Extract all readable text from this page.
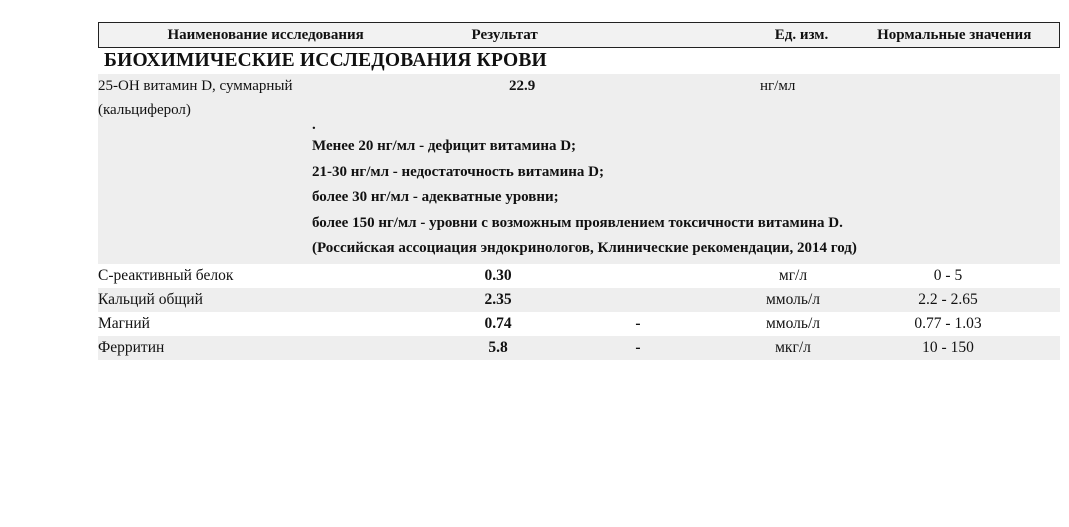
Наименование исследования	Результат	Ед. изм.	Нормальные значения
БИОХИМИЧЕСКИЕ ИССЛЕДОВАНИЯ КРОВИ
25-ОН витамин D, суммарный
(кальциферол)
22.9	нг/мл
.
Менее 20 нг/мл - дефицит витамина D;
21-30 нг/мл - недостаточность витамина D;
более 30 нг/мл - адекватные уровни;
более 150 нг/мл - уровни с возможным проявлением токсичности витамина D.
(Российская ассоциация эндокринологов, Клинические рекомендации, 2014 год)
С-реактивный белок	0.30	мг/л	0 - 5
Кальций общий	2.35	ммоль/л	2.2 - 2.65
Магний	0.74	-	ммоль/л	0.77 - 1.03
Ферритин	5.8	-	мкг/л	10 - 150
